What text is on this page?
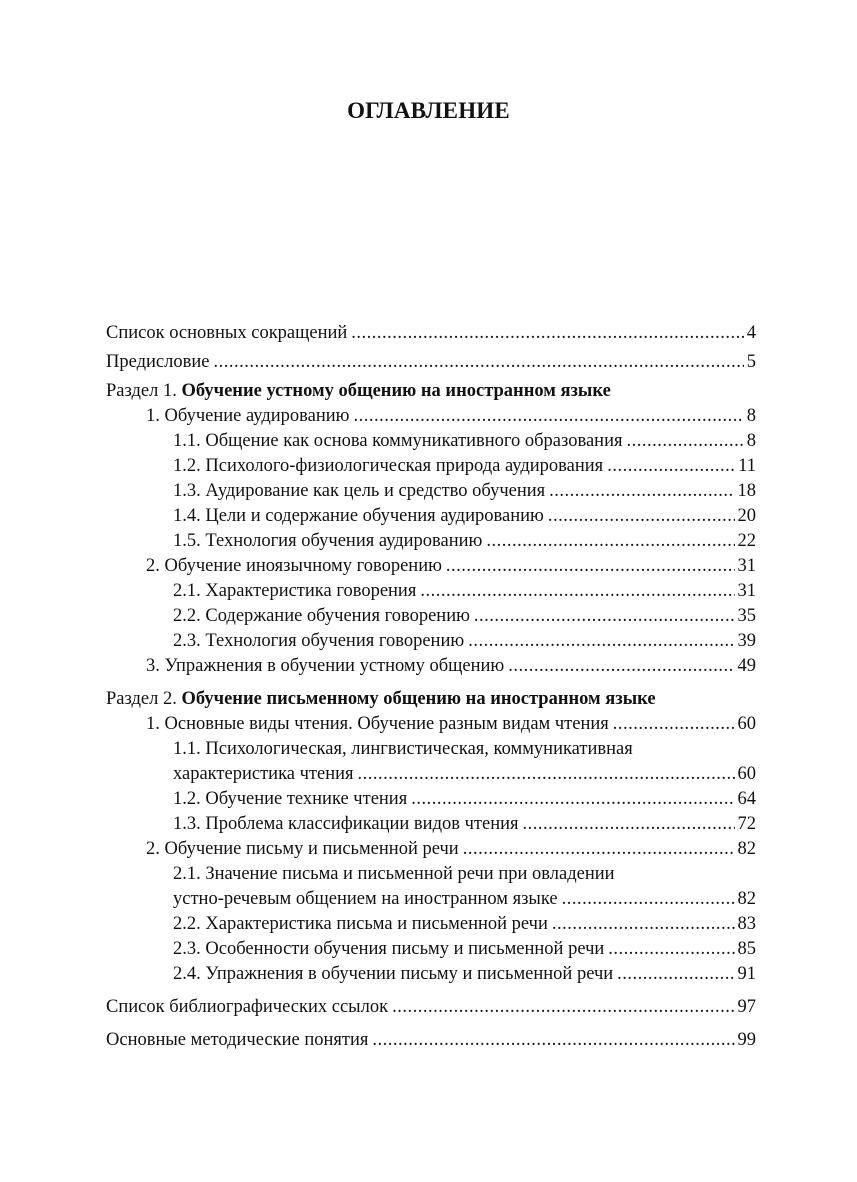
ОГЛАВЛЕНИЕ
Список основных сокращений .....	4
Предисловие .....	5
Раздел 1. Обучение устному общению на иностранном языке
1. Обучение аудированию .....	8
1.1. Общение как основа коммуникативного образования .....	8
1.2. Психолого-физиологическая природа аудирования .....	11
1.3. Аудирование как цель и средство обучения .....	18
1.4. Цели и содержание обучения аудированию .....	20
1.5. Технология обучения аудированию .....	22
2. Обучение иноязычному говорению .....	31
2.1. Характеристика говорения .....	31
2.2. Содержание обучения говорению .....	35
2.3. Технология обучения говорению .....	39
3. Упражнения в обучении устному общению .....	49
Раздел 2. Обучение письменному общению на иностранном языке
1. Основные виды чтения. Обучение разным видам чтения .....	60
1.1. Психологическая, лингвистическая, коммуникативная
характеристика чтения .....	60
1.2. Обучение технике чтения .....	64
1.3. Проблема классификации видов чтения .....	72
2. Обучение письму и письменной речи .....	82
2.1. Значение письма и письменной речи при овладении
устно-речевым общением на иностранном языке .....	82
2.2. Характеристика письма и письменной речи .....	83
2.3. Особенности обучения письму и письменной речи .....	85
2.4. Упражнения в обучении письму и письменной речи .....	91
Список библиографических ссылок .....	97
Основные методические понятия .....	99
